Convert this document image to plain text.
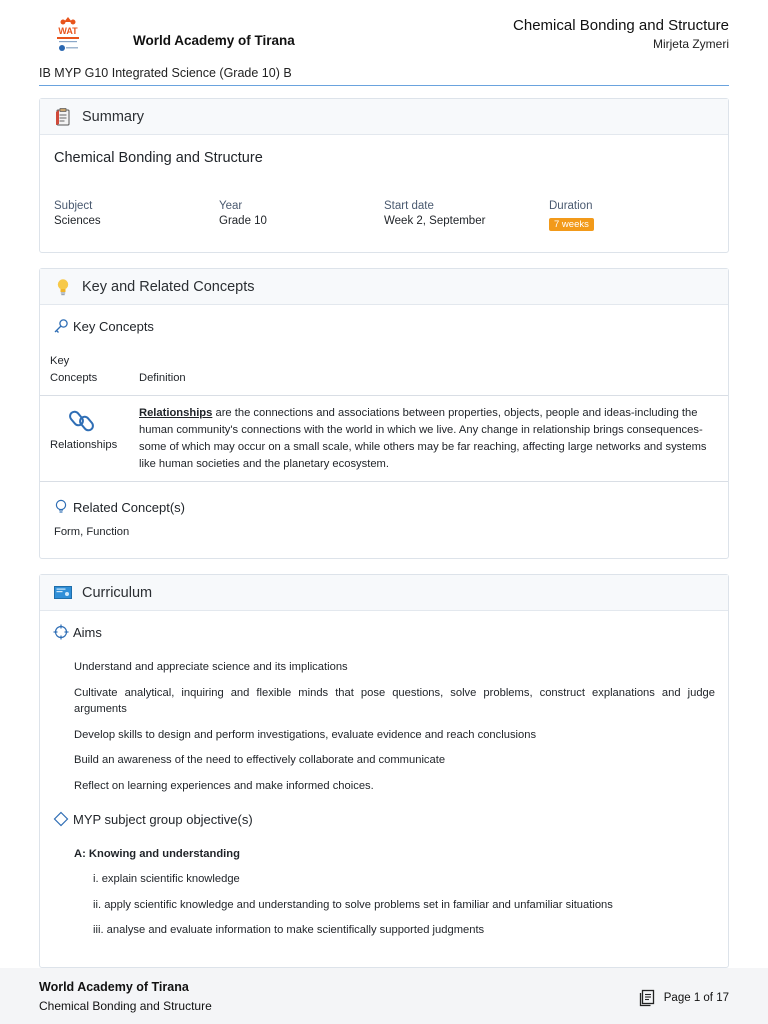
WAT
World Academy of Tirana
Chemical Bonding and Structure
Mirjeta Zymeri
IB MYP G10 Integrated Science (Grade 10) B
Summary
Chemical Bonding and Structure
Subject
Sciences
Year
Grade 10
Start date
Week 2, September
Duration
7 weeks
Key and Related Concepts
Key Concepts
Key
Concepts	Definition
Relationships
Relationships are the connections and associations between properties, objects, people and ideas-including the human community's connections with the world in which we live. Any change in relationship brings consequences-some of which may occur on a small scale, while others may be far reaching, affecting large networks and systems like human societies and the planetary ecosystem.
Related Concept(s)
Form, Function
Curriculum
Aims
Understand and appreciate science and its implications
Cultivate analytical, inquiring and flexible minds that pose questions, solve problems, construct explanations and judge arguments
Develop skills to design and perform investigations, evaluate evidence and reach conclusions
Build an awareness of the need to effectively collaborate and communicate
Reflect on learning experiences and make informed choices.
MYP subject group objective(s)
A: Knowing and understanding
i. explain scientific knowledge
ii. apply scientific knowledge and understanding to solve problems set in familiar and unfamiliar situations
iii. analyse and evaluate information to make scientifically supported judgments
World Academy of Tirana
Chemical Bonding and Structure
Page 1 of 17
